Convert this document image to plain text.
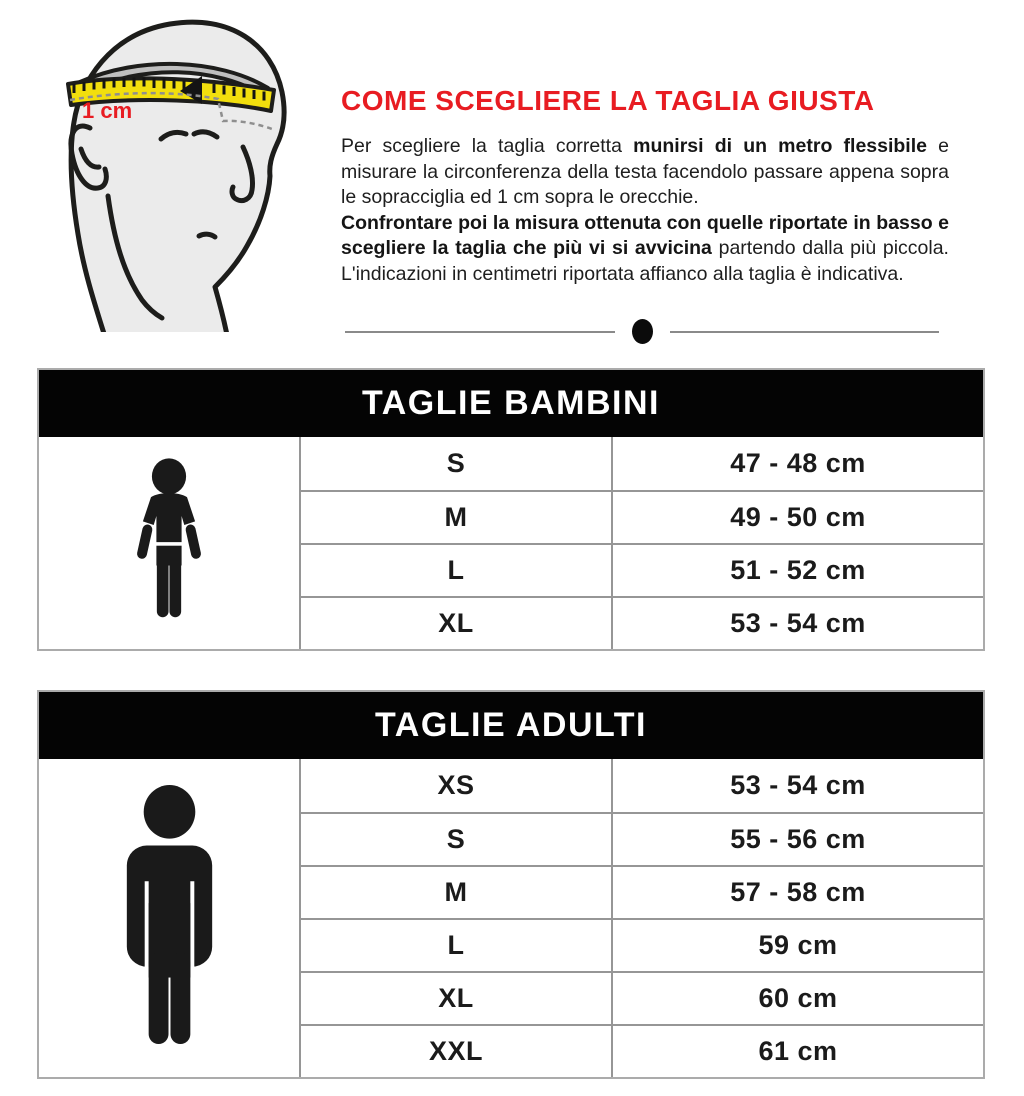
1 cm	COME SCEGLIERE LA TAGLIA GIUSTA

Per scegliere la taglia corretta munirsi di un metro flessibile e misurare la circonferenza della testa facendolo passare appena sopra le sopracciglia ed 1 cm sopra le orecchie.

Confrontare poi la misura ottenuta con quelle riportate in basso e scegliere la taglia che più vi si avvicina partendo dalla più piccola. L'indicazioni in centimetri riportata affianco alla taglia è indicativa.

TAGLIE BAMBINI
S	47 - 48 cm
M	49 - 50 cm
L	51 - 52 cm
XL	53 - 54 cm
TAGLIE ADULTI
XS	53 - 54 cm
S	55 - 56 cm
M	57 - 58 cm
L	59 cm
XL	60 cm
XXL	61 cm
